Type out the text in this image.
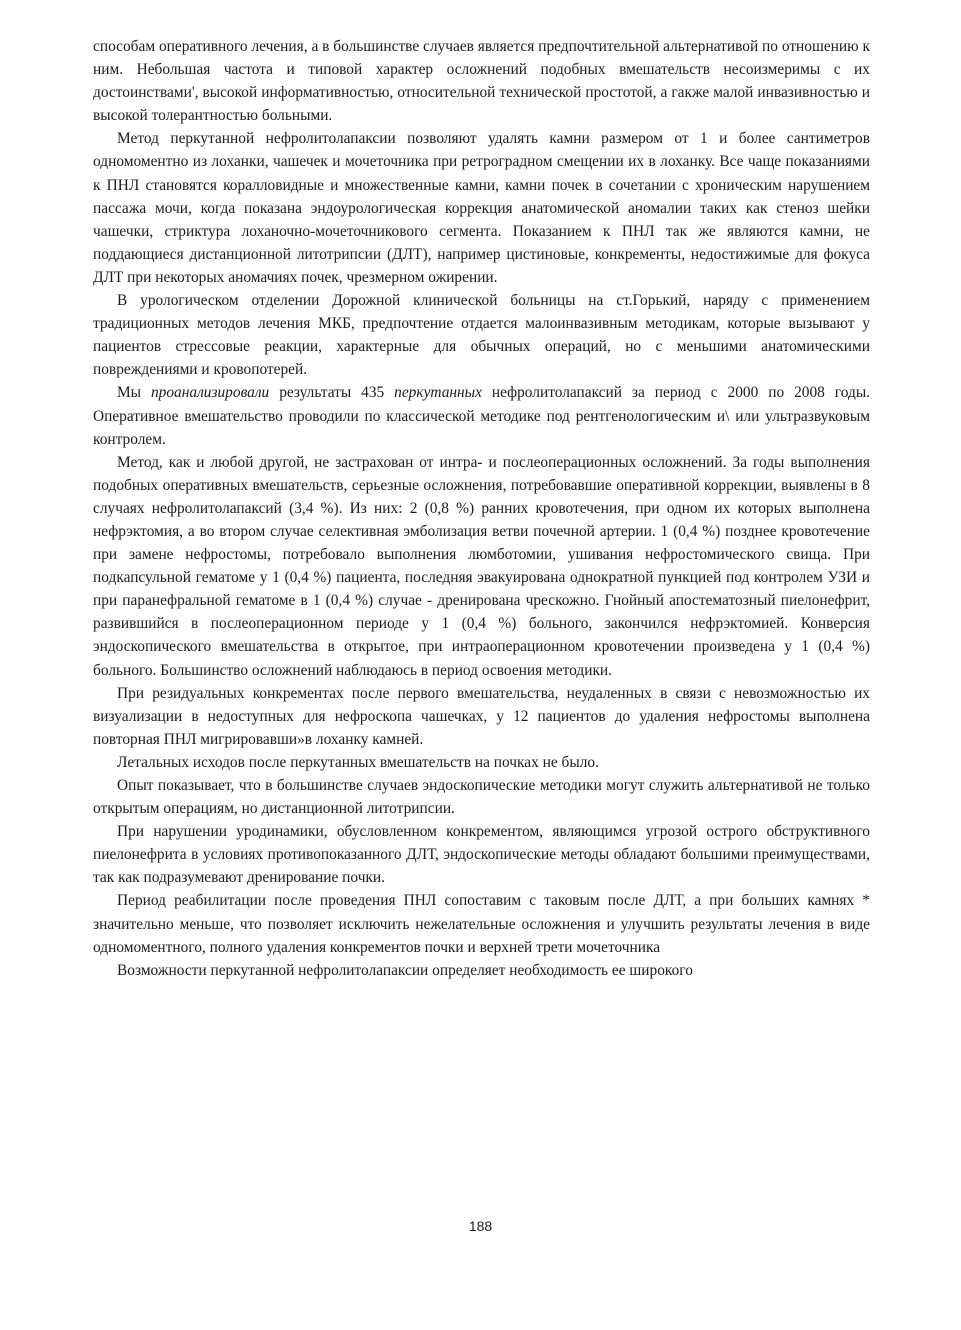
способам оперативного лечения, а в большинстве случаев является предпочтительной альтернативой по отношению к ним. Небольшая частота и типовой характер осложнений подобных вмешательств несоизмеримы с их достоинствами', высокой информативностью, относительной технической простотой, а гакже малой инвазивностью и высокой толерантностью больными.

Метод перкутанной нефролитолапаксии позволяют удалять камни размером от 1 и более сантиметров одномоментно из лоханки, чашечек и мочеточника при ретроградном смещении их в лоханку. Все чаще показаниями к ПНЛ становятся коралловидные и множественные камни, камни почек в сочетании с хроническим нарушением пассажа мочи, когда показана эндоурологическая коррекция анатомической аномалии таких как стеноз шейки чашечки, стриктура лоханочно-мочеточникового сегмента. Показанием к ПНЛ так же являются камни, не поддающиеся дистанционной литотрипсии (ДЛТ), например цистиновые, конкременты, недостижимые для фокуса ДЛТ при некоторых аномачиях почек, чрезмерном ожирении.

В урологическом отделении Дорожной клинической больницы на ст.Горький, наряду с применением традиционных методов лечения МКБ, предпочтение отдается малоинвазивным методикам, которые вызывают у пациентов стрессовые реакции, характерные для обычных операций, но с меньшими анатомическими повреждениями и кровопотерей.

Мы проанализировали результаты 435 перкутанных нефролитолапаксий за период с 2000 по 2008 годы. Оперативное вмешательство проводили по классической методике под рентгенологическим и\ или ультразвуковым контролем.

Метод, как и любой другой, не застрахован от интра- и послеоперационных осложнений. За годы выполнения подобных оперативных вмешательств, серьезные осложнения, потребовавшие оперативной коррекции, выявлены в 8 случаях нефролитолапаксий (3,4 %). Из них: 2 (0,8 %) ранних кровотечения, при одном их которых выполнена нефрэктомия, а во втором случае селективная эмболизация ветви почечной артерии. 1 (0,4 %) позднее кровотечение при замене нефростомы, потребовало выполнения люмботомии, ушивания нефростомического свища. При подкапсульной гематоме у 1 (0,4 %) пациента, последняя эвакуирована однократной пункцией под контролем УЗИ и при паранефральной гематоме в 1 (0,4 %) случае - дренирована чрескожно. Гнойный апостематозный пиелонефрит, развившийся в послеоперационном периоде у 1 (0,4 %) больного, закончился нефрэктомией. Конверсия эндоскопического вмешательства в открытое, при интраоперационном кровотечении произведена у 1 (0,4 %) больного. Большинство осложнений наблюдаюсь в период освоения методики.

При резидуальных конкрементах после первого вмешательства, неудаленных в связи с невозможностью их визуализации в недоступных для нефроскопа чашечках, у 12 пациентов до удаления нефростомы выполнена повторная ПНЛ мигрировавши»в лоханку камней.

Летальных исходов после перкутанных вмешательств на почках не было.

Опыт показывает, что в большинстве случаев эндоскопические методики могут служить альтернативой не только открытым операциям, но дистанционной литотрипсии.

При нарушении уродинамики, обусловленном конкрементом, являющимся угрозой острого обструктивного пиелонефрита в условиях противопоказанного ДЛТ, эндоскопические методы обладают большими преимуществами, так как подразумевают дренирование почки.

Период реабилитации после проведения ПНЛ сопоставим с таковым после ДЛТ, а при больших камнях * значительно меньше, что позволяет исключить нежелательные осложнения и улучшить результаты лечения в виде одномоментного, полного удаления конкрементов почки и верхней трети мочеточника

Возможности перкутанной нефролитолапаксии определяет необходимость ее широкого

188
